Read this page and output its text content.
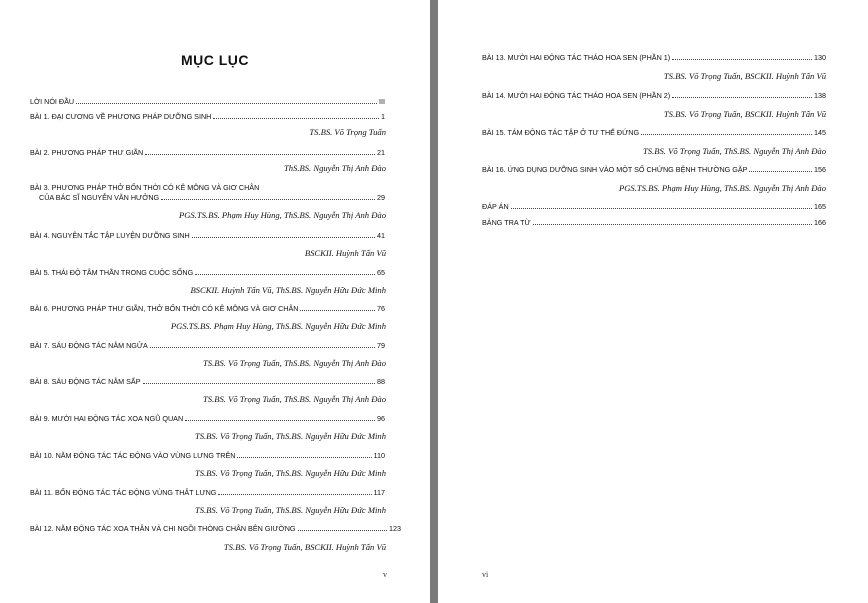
MỤC LỤC
LỜI NÓI ĐẦU	III
BÀI 1. ĐẠI CƯƠNG VỀ PHƯƠNG PHÁP DƯỠNG SINH	1
TS.BS. Võ Trọng Tuấn
BÀI 2. PHƯƠNG PHÁP THƯ GIÃN	21
ThS.BS. Nguyễn Thị Anh Đào
BÀI 3. PHƯƠNG PHÁP THỞ BỐN THỜI CÓ KÊ MÔNG VÀ GIƠ CHÂN
CỦA BÁC SĨ NGUYỄN VĂN HƯỞNG	29
PGS.TS.BS. Phạm Huy Hùng, ThS.BS. Nguyễn Thị Anh Đào
BÀI 4. NGUYÊN TẮC TẬP LUYỆN DƯỠNG SINH	41
BSCKII. Huỳnh Tấn Vũ
BÀI 5. THÁI ĐỘ TÂM THẦN TRONG CUỘC SỐNG	65
BSCKII. Huỳnh Tấn Vũ, ThS.BS. Nguyễn Hữu Đức Minh
BÀI 6. PHƯƠNG PHÁP THƯ GIÃN, THỞ BỐN THỜI CÓ KÊ MÔNG VÀ GIƠ CHÂN	76
PGS.TS.BS. Phạm Huy Hùng, ThS.BS. Nguyễn Hữu Đức Minh
BÀI 7. SÁU ĐỘNG TÁC NẰM NGỬA	79
TS.BS. Võ Trọng Tuấn, ThS.BS. Nguyễn Thị Anh Đào
BÀI 8. SÁU ĐỘNG TÁC NẰM SẤP	88
TS.BS. Võ Trọng Tuấn, ThS.BS. Nguyễn Thị Anh Đào
BÀI 9. MƯỜI HAI ĐỘNG TÁC XOA NGŨ QUAN	96
TS.BS. Võ Trọng Tuấn, ThS.BS. Nguyễn Hữu Đức Minh
BÀI 10. NĂM ĐỘNG TÁC TÁC ĐỘNG VÀO VÙNG LƯNG TRÊN	110
TS.BS. Võ Trọng Tuấn, ThS.BS. Nguyễn Hữu Đức Minh
BÀI 11. BỐN ĐỘNG TÁC TÁC ĐỘNG VÙNG THẮT LƯNG	117
TS.BS. Võ Trọng Tuấn, ThS.BS. Nguyễn Hữu Đức Minh
BÀI 12. NĂM ĐỘNG TÁC XOA THÂN VÀ CHI NGỒI THÒNG CHÂN BÊN GIƯỜNG	123
TS.BS. Võ Trọng Tuấn, BSCKII. Huỳnh Tấn Vũ
v
BÀI 13. MƯỜI HAI ĐỘNG TÁC THÁO HOA SEN (PHẦN 1)	130
TS.BS. Võ Trọng Tuấn, BSCKII. Huỳnh Tấn Vũ
BÀI 14. MƯỜI HAI ĐỘNG TÁC THÁO HOA SEN (PHẦN 2)	138
TS.BS. Võ Trọng Tuấn, BSCKII. Huỳnh Tấn Vũ
BÀI 15. TÁM ĐỘNG TÁC TẬP Ở TƯ THẾ ĐỨNG	145
TS.BS. Võ Trọng Tuấn, ThS.BS. Nguyễn Thị Anh Đào
BÀI 16. ỨNG DỤNG DƯỠNG SINH VÀO MỘT SỐ CHỨNG BỆNH THƯỜNG GẶP	156
PGS.TS.BS. Phạm Huy Hùng, ThS.BS. Nguyễn Thị Anh Đào
ĐÁP ÁN	165
BẢNG TRA TỪ	166
vi
